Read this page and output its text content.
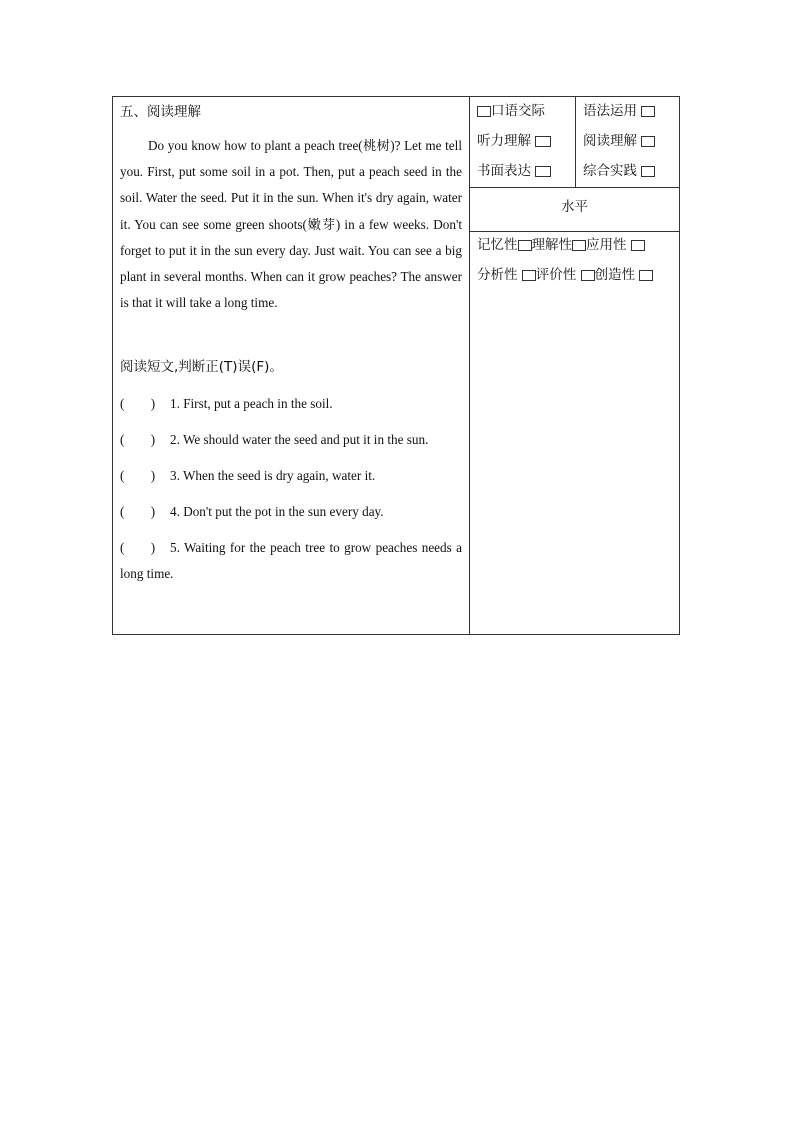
五、阅读理解

Do you know how to plant a peach tree(桃树)? Let me tell you. First, put some soil in a pot. Then, put a peach seed in the soil. Water the seed. Put it in the sun. When it's dry again, water it. You can see some green shoots(嫩芽) in a few weeks. Don't forget to put it in the sun every day. Just wait. You can see a big plant in several months. When can it grow peaches? The answer is that it will take a long time.

阅读短文,判断正(T)误(F)。

(　　) 1. First, put a peach in the soil.

(　　) 2. We should water the seed and put it in the sun.

(　　) 3. When the seed is dry again, water it.

(　　) 4. Don't put the pot in the sun every day.

(　　) 5. Waiting for the peach tree to grow peaches needs a long time.

口语交际	语法运用
听力理解	阅读理解
书面表达	综合实践
水平
记忆性 理解性 应用性
分析性 评价性 创造性
